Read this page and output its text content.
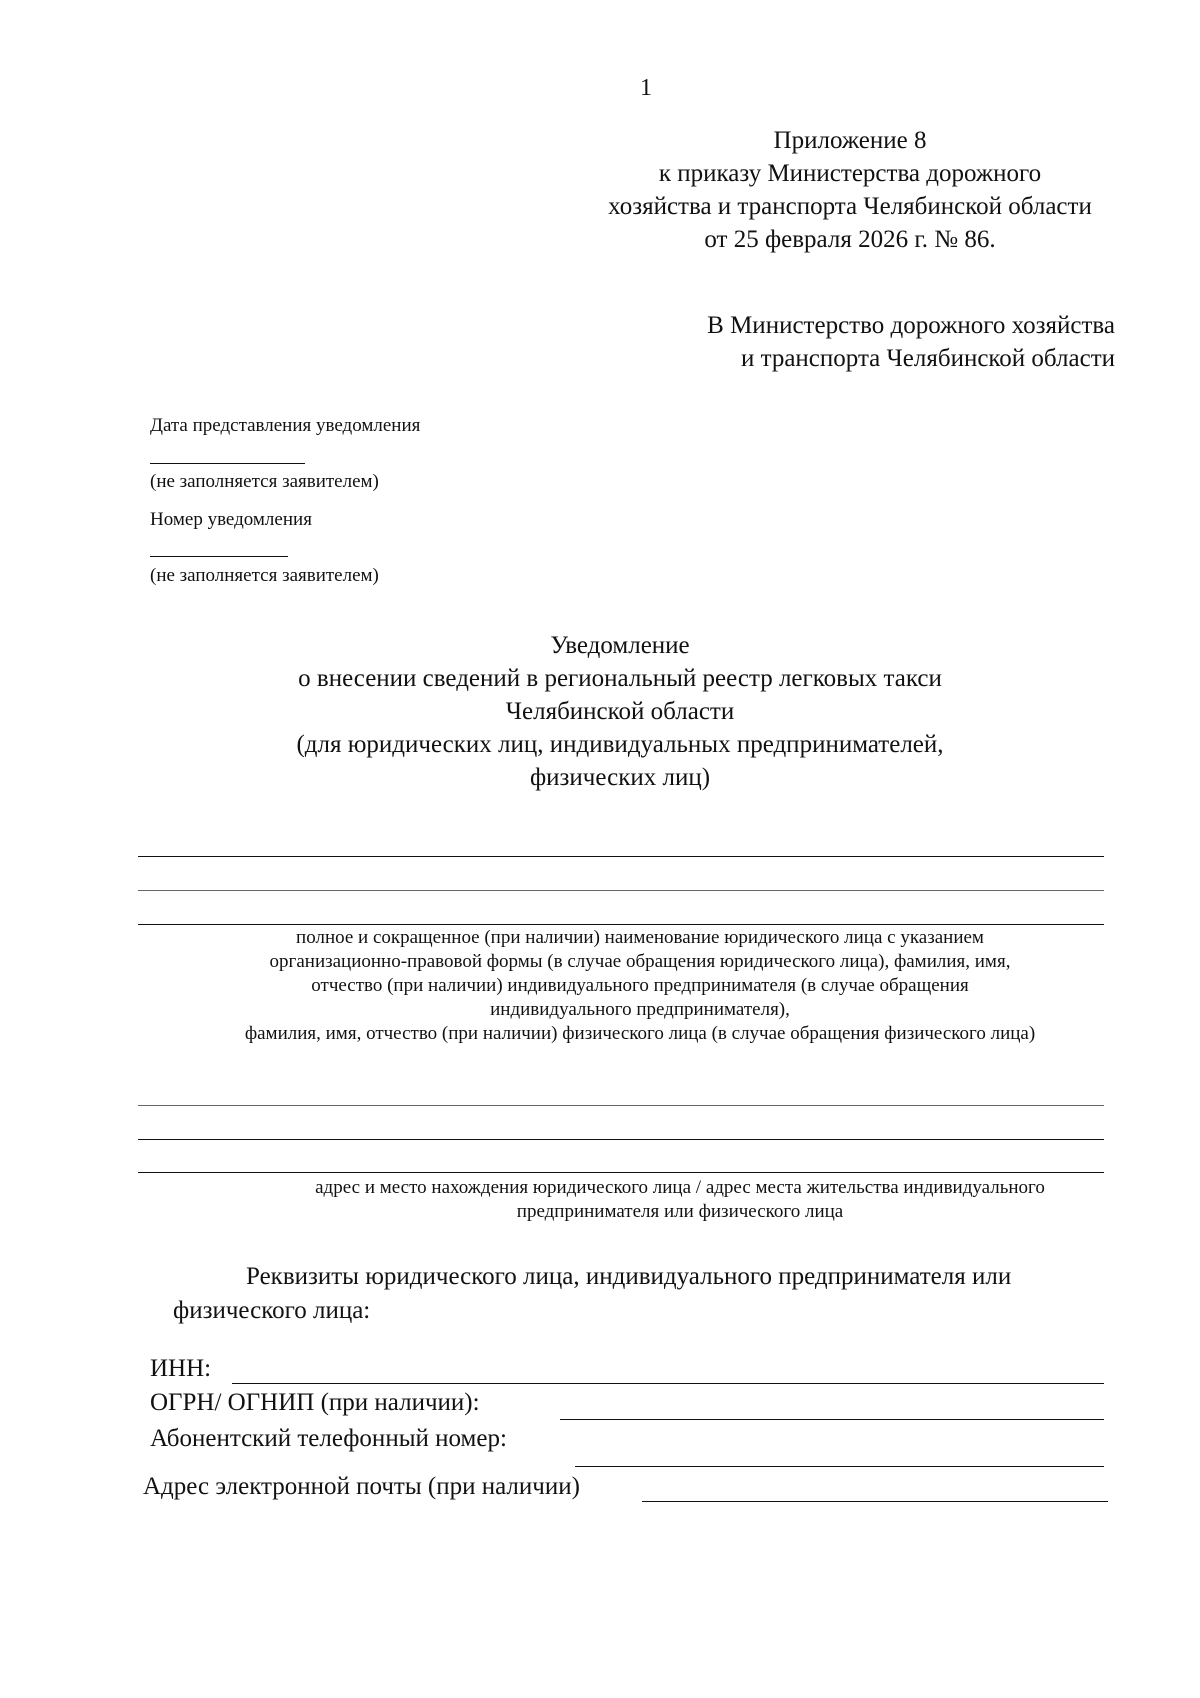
1
Приложение 8
к приказу Министерства дорожного
хозяйства и транспорта Челябинской области
от 25 февраля 2026 г. № 86.
В Министерство дорожного хозяйства
и транспорта Челябинской области
Дата представления уведомления
(не заполняется заявителем)
Номер уведомления
(не заполняется заявителем)
Уведомление
о внесении сведений в региональный реестр легковых такси
Челябинской области
(для юридических лиц, индивидуальных предпринимателей,
физических лиц)
полное и сокращенное (при наличии) наименование юридического лица с указанием
организационно-правовой формы (в случае обращения юридического лица), фамилия, имя,
отчество (при наличии) индивидуального предпринимателя (в случае обращения
индивидуального предпринимателя),
фамилия, имя, отчество (при наличии) физического лица (в случае обращения физического лица)
адрес и место нахождения юридического лица / адрес места жительства индивидуального
предпринимателя или физического лица
Реквизиты юридического лица, индивидуального предпринимателя или
физического лица:
ИНН:
ОГРН/ ОГНИП (при наличии):
Абонентский телефонный номер:
Адрес электронной почты (при наличии)
